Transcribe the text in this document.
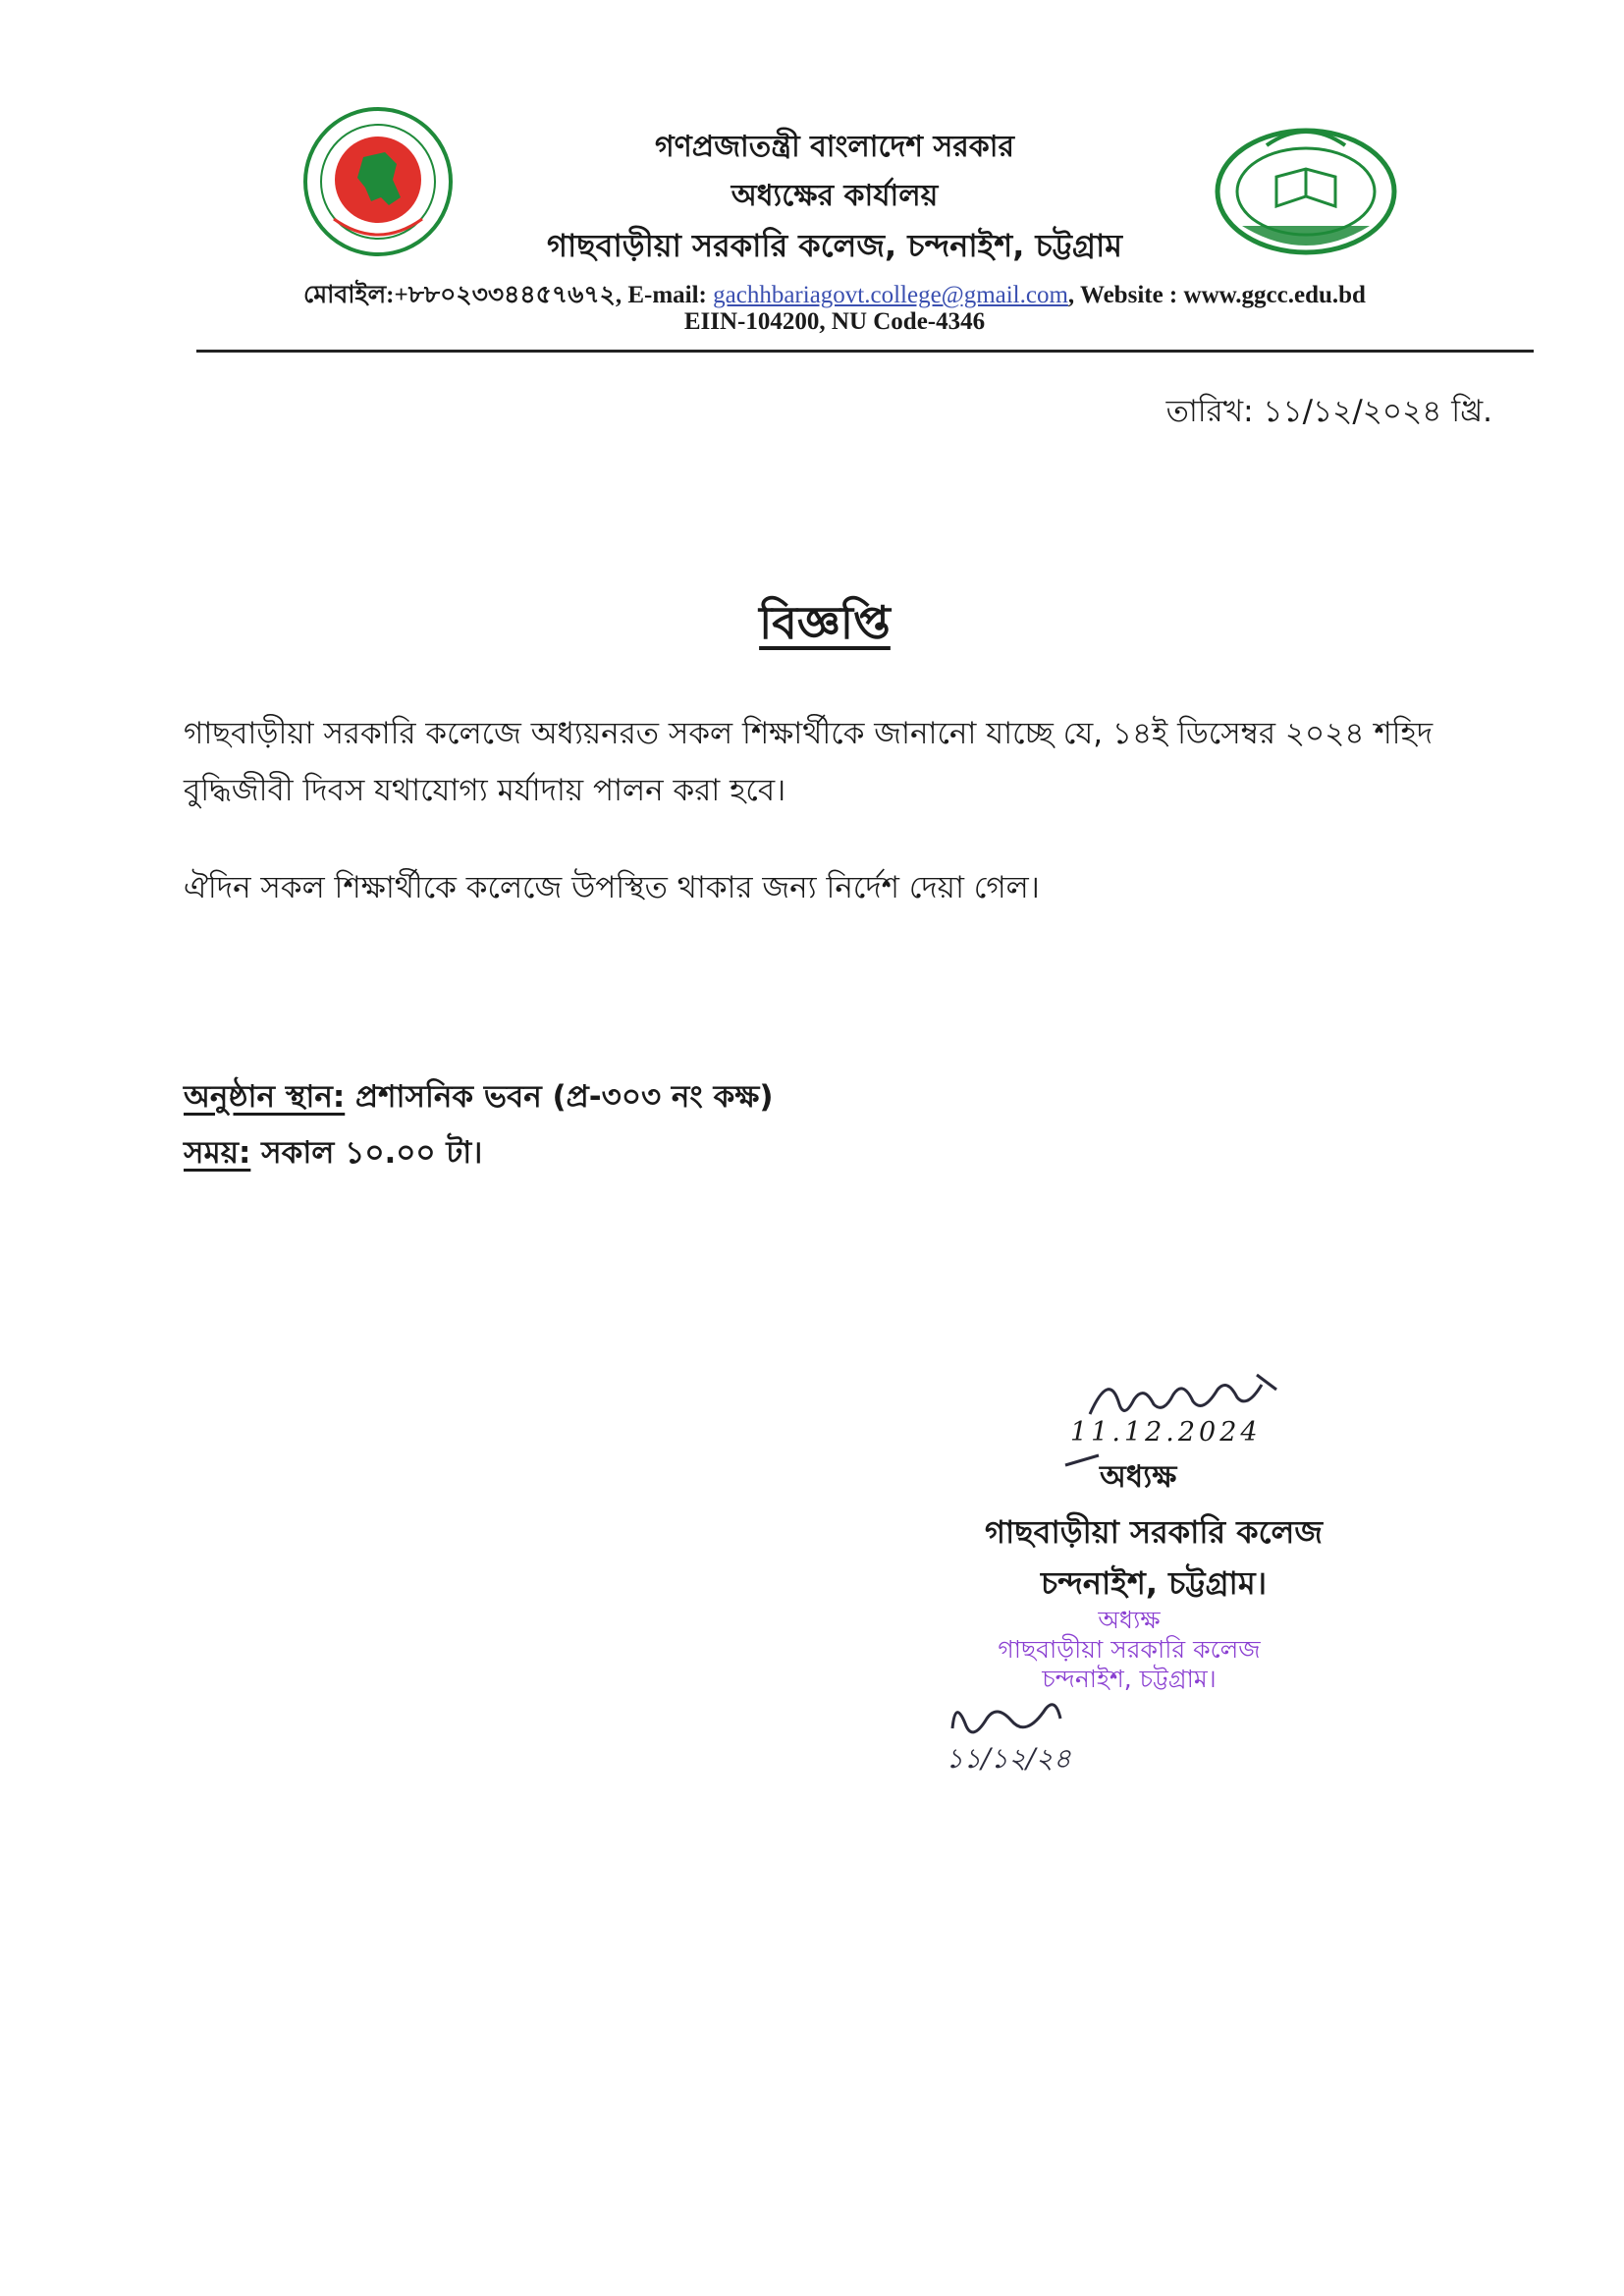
গণপ্রজাতন্ত্রী বাংলাদেশ সরকার
অধ্যক্ষের কার্যালয়
গাছবাড়ীয়া সরকারি কলেজ, চন্দনাইশ, চট্টগ্রাম
মোবাইল:+৮৮০২৩৩৪৪৫৭৬৭২, E-mail: gachhbariagovt.college@gmail.com, Website : www.ggcc.edu.bd
EIIN-104200, NU Code-4346
তারিখ: ১১/১২/২০২৪ খ্রি.
বিজ্ঞপ্তি
গাছবাড়ীয়া সরকারি কলেজে অধ্যয়নরত সকল শিক্ষার্থীকে জানানো যাচ্ছে যে, ১৪ই ডিসেম্বর ২০২৪ শহিদ বুদ্ধিজীবী দিবস যথাযোগ্য মর্যাদায় পালন করা হবে।
ঐদিন সকল শিক্ষার্থীকে কলেজে উপস্থিত থাকার জন্য নির্দেশ দেয়া গেল।
অনুষ্ঠান স্থান: প্রশাসনিক ভবন (প্র-৩০৩ নং কক্ষ)
সময়: সকাল ১০.০০ টা।
11.12.2024
অধ্যক্ষ
গাছবাড়ীয়া সরকারি কলেজ
চন্দনাইশ, চট্টগ্রাম।
অধ্যক্ষ
গাছবাড়ীয়া সরকারি কলেজ
চন্দনাইশ, চট্টগ্রাম।
১১/১২/২৪
